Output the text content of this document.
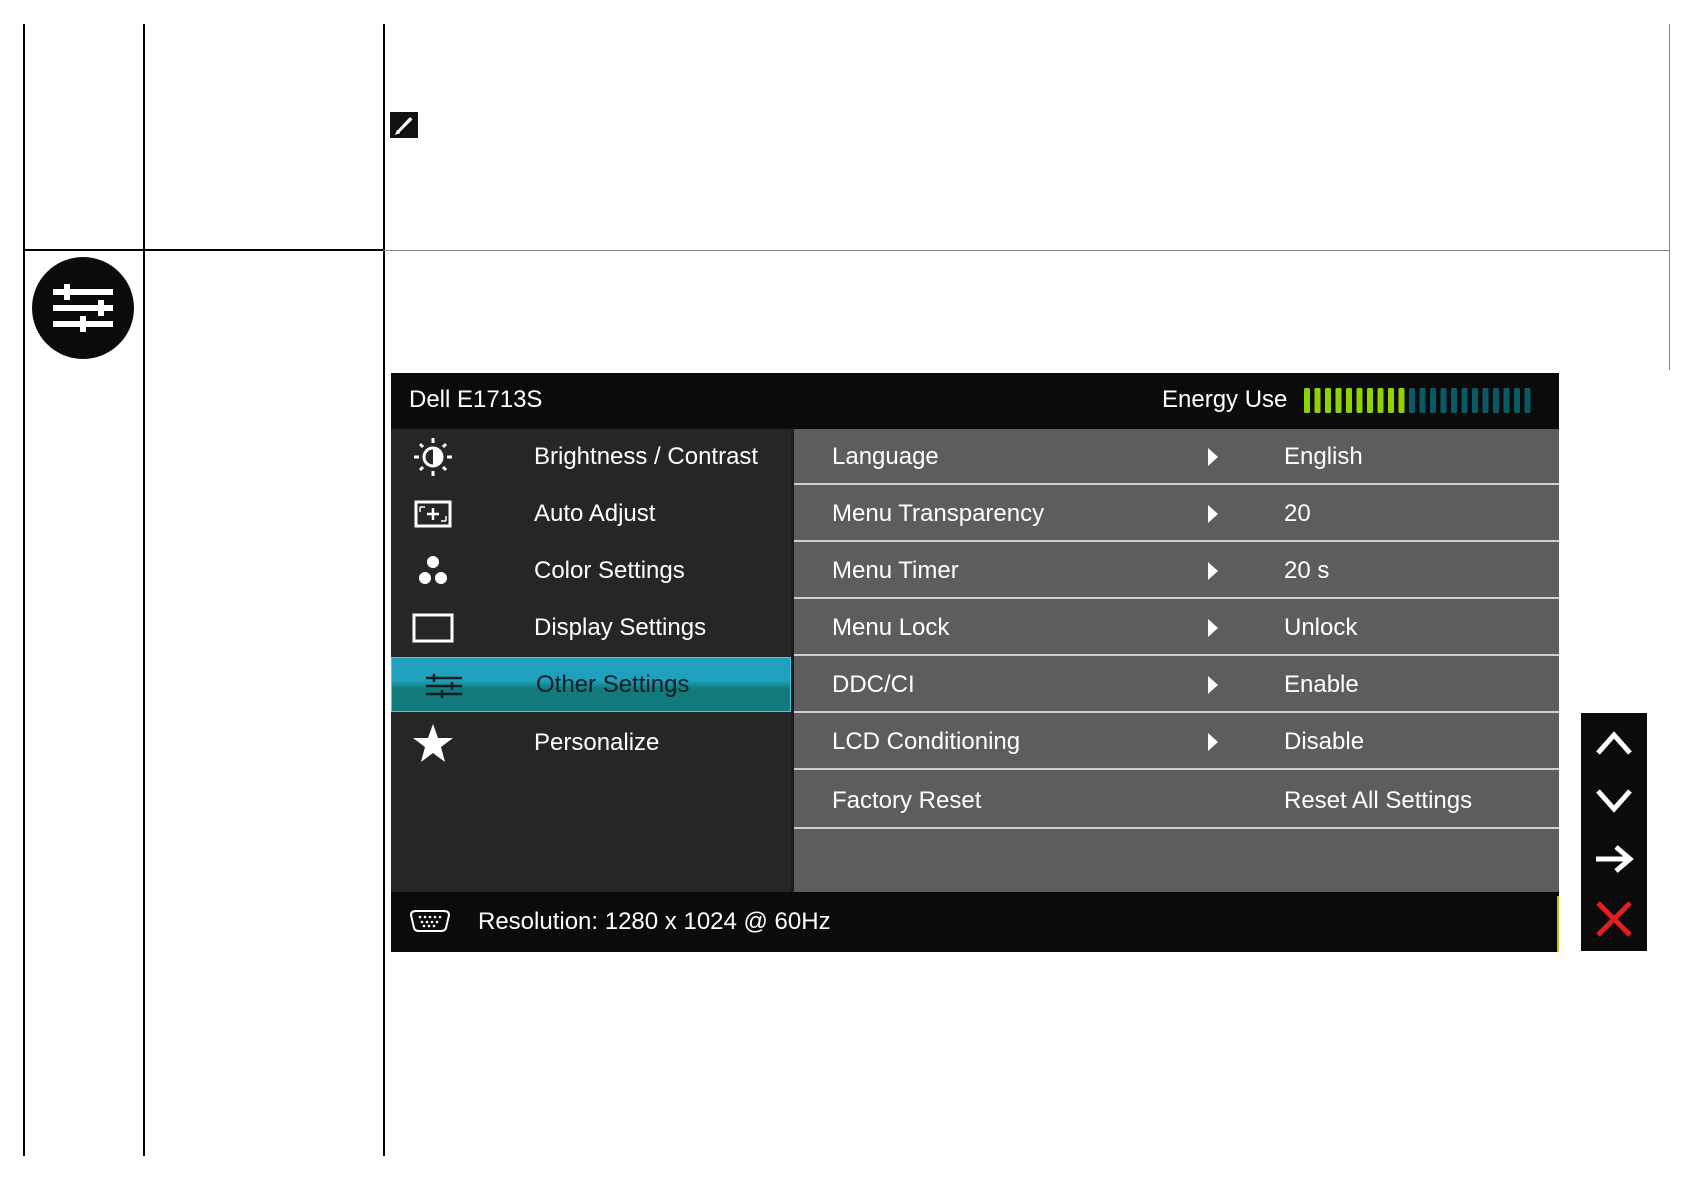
Dell E1713S	Energy Use
Brightness / Contrast
Auto Adjust
Color Settings
Display Settings
Other Settings
Personalize
Language	English
Menu Transparency	20
Menu Timer	20 s
Menu Lock	Unlock
DDC/CI	Enable
LCD Conditioning	Disable
Factory Reset	Reset All Settings
Resolution: 1280 x 1024 @ 60Hz
